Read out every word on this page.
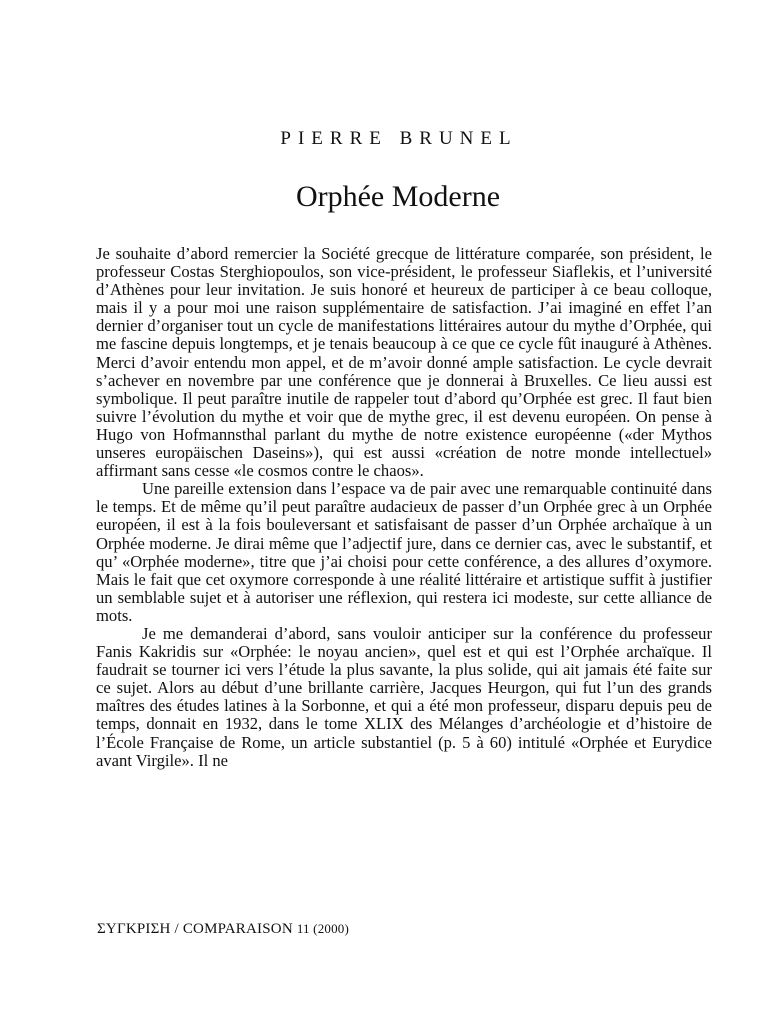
PIERRE BRUNEL
Orphée Moderne

Je souhaite d’abord remercier la Société grecque de littérature comparée, son président, le professeur Costas Sterghiopoulos, son vice-président, le professeur Siaflekis, et l’université d’Athènes pour leur invitation. Je suis honoré et heureux de participer à ce beau colloque, mais il y a pour moi une raison supplémentaire de satisfaction. J’ai imaginé en effet l’an dernier d’organiser tout un cycle de manifestations littéraires autour du mythe d’Orphée, qui me fascine depuis longtemps, et je tenais beaucoup à ce que ce cycle fût inauguré à Athènes. Merci d’avoir entendu mon appel, et de m’avoir donné ample satisfaction. Le cycle devrait s’achever en novembre par une conférence que je donnerai à Bruxelles. Ce lieu aussi est symbolique. Il peut paraître inutile de rappeler tout d’abord qu’Orphée est grec. Il faut bien suivre l’évolution du mythe et voir que de mythe grec, il est devenu européen. On pense à Hugo von Hofmannsthal parlant du mythe de notre existence européenne («der Mythos unseres europäischen Daseins»), qui est aussi «création de notre monde intellectuel» affirmant sans cesse «le cosmos contre le chaos».

Une pareille extension dans l’espace va de pair avec une remarquable continuité dans le temps. Et de même qu’il peut paraître audacieux de passer d’un Orphée grec à un Orphée européen, il est à la fois bouleversant et satisfaisant de passer d’un Orphée archaïque à un Orphée moderne. Je dirai même que l’adjectif jure, dans ce dernier cas, avec le substantif, et qu’ «Orphée moderne», titre que j’ai choisi pour cette conférence, a des allures d’oxymore. Mais le fait que cet oxymore corresponde à une réalité littéraire et artistique suffit à justifier un semblable sujet et à autoriser une réflexion, qui restera ici modeste, sur cette alliance de mots.

Je me demanderai d’abord, sans vouloir anticiper sur la conférence du professeur Fanis Kakridis sur «Orphée: le noyau ancien», quel est et qui est l’Orphée archaïque. Il faudrait se tourner ici vers l’étude la plus savante, la plus solide, qui ait jamais été faite sur ce sujet. Alors au début d’une brillante carrière, Jacques Heurgon, qui fut l’un des grands maîtres des études latines à la Sorbonne, et qui a été mon professeur, disparu depuis peu de temps, donnait en 1932, dans le tome XLIX des Mélanges d’archéologie et d’histoire de l’École Française de Rome, un article substantiel (p. 5 à 60) intitulé «Orphée et Eurydice avant Virgile». Il ne

ΣΥΓΚΡΙΣΗ / COMPARAISON 11 (2000)
